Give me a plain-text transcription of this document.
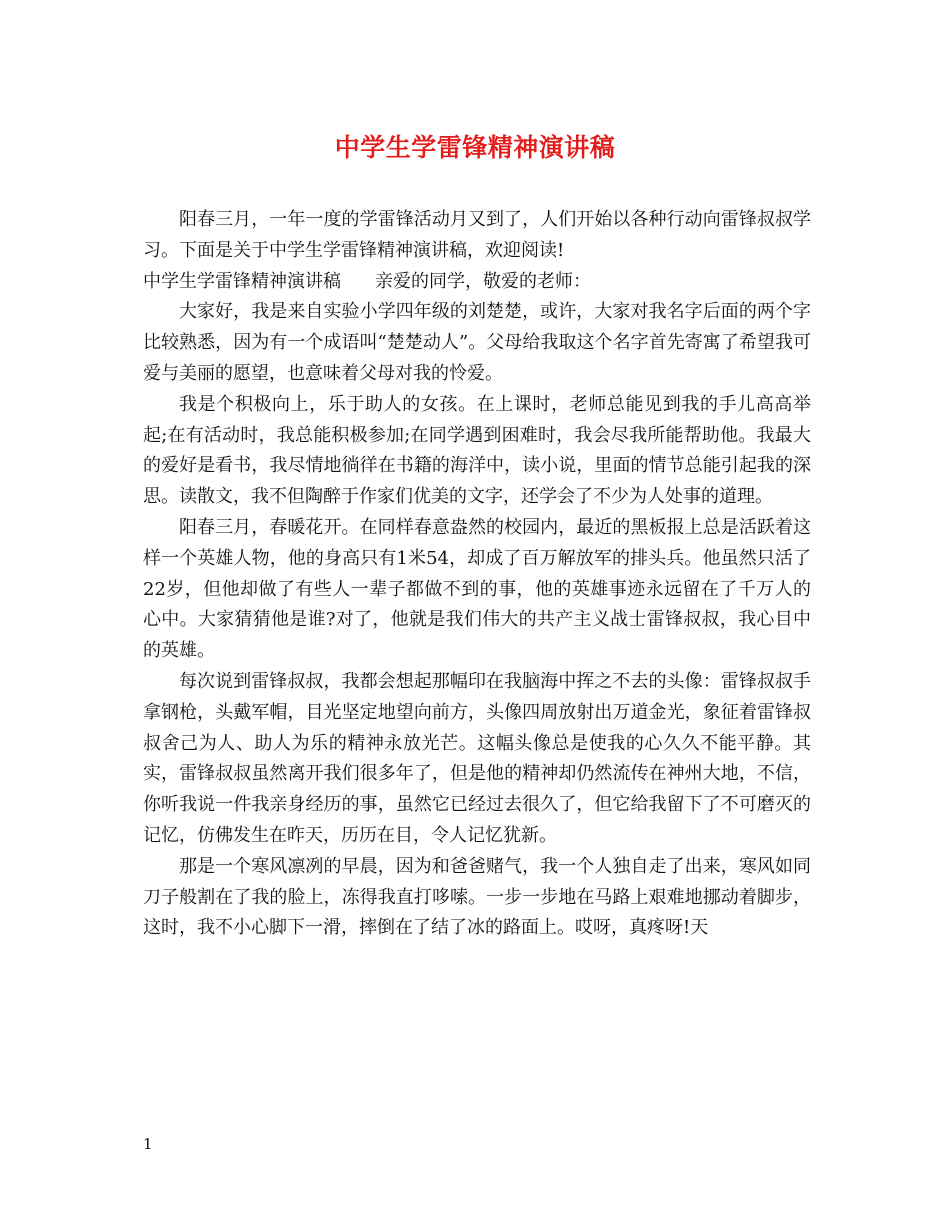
中学生学雷锋精神演讲稿

阳春三月，一年一度的学雷锋活动月又到了，人们开始以各种行动向雷锋叔叔学习。下面是关于中学生学雷锋精神演讲稿，欢迎阅读!

中学生学雷锋精神演讲稿 亲爱的同学，敬爱的老师：

大家好，我是来自实验小学四年级的刘楚楚，或许，大家对我名字后面的两个字比较熟悉，因为有一个成语叫“楚楚动人”。父母给我取这个名字首先寄寓了希望我可爱与美丽的愿望，也意味着父母对我的怜爱。

我是个积极向上，乐于助人的女孩。在上课时，老师总能见到我的手儿高高举起;在有活动时，我总能积极参加;在同学遇到困难时，我会尽我所能帮助他。我最大的爱好是看书，我尽情地徜徉在书籍的海洋中，读小说，里面的情节总能引起我的深思。读散文，我不但陶醉于作家们优美的文字，还学会了不少为人处事的道理。

阳春三月，春暖花开。在同样春意盎然的校园内，最近的黑板报上总是活跃着这样一个英雄人物，他的身高只有1米54，却成了百万解放军的排头兵。他虽然只活了22岁，但他却做了有些人一辈子都做不到的事，他的英雄事迹永远留在了千万人的心中。大家猜猜他是谁?对了，他就是我们伟大的共产主义战士雷锋叔叔，我心目中的英雄。

每次说到雷锋叔叔，我都会想起那幅印在我脑海中挥之不去的头像：雷锋叔叔手拿钢枪，头戴军帽，目光坚定地望向前方，头像四周放射出万道金光，象征着雷锋叔叔舍己为人、助人为乐的精神永放光芒。这幅头像总是使我的心久久不能平静。其实，雷锋叔叔虽然离开我们很多年了，但是他的精神却仍然流传在神州大地，不信，你听我说一件我亲身经历的事，虽然它已经过去很久了，但它给我留下了不可磨灭的记忆，仿佛发生在昨天，历历在目，令人记忆犹新。

那是一个寒风凛冽的早晨，因为和爸爸赌气，我一个人独自走了出来，寒风如同刀子般割在了我的脸上，冻得我直打哆嗦。一步一步地在马路上艰难地挪动着脚步，这时，我不小心脚下一滑，摔倒在了结了冰的路面上。哎呀，真疼呀!天

1
